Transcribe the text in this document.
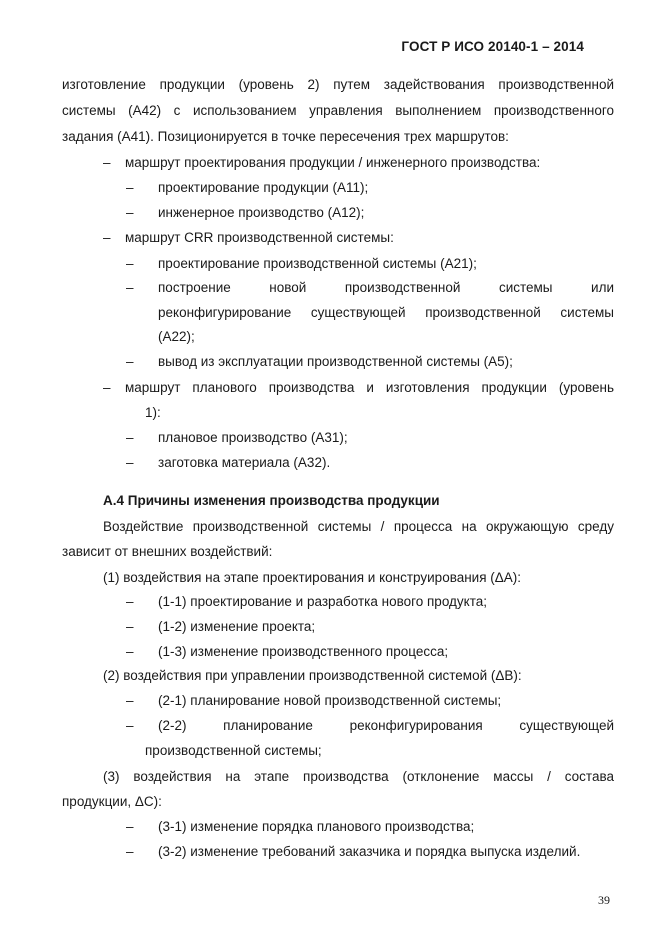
ГОСТ Р ИСО 20140-1 – 2014
изготовление продукции (уровень 2) путем задействования производственной
системы (А42) с использованием управления выполнением производственного
задания (А41). Позиционируется в точке пересечения трех маршрутов:
– маршрут проектирования продукции / инженерного производства:
– проектирование продукции (А11);
– инженерное производство (А12);
– маршрут CRR производственной системы:
– проектирование производственной системы (А21);
– построение новой производственной системы или
реконфигурирование существующей производственной системы
(А22);
– вывод из эксплуатации производственной системы (А5);
– маршрут планового производства и изготовления продукции (уровень
1):
– плановое производство (А31);
– заготовка материала (А32).
А.4 Причины изменения производства продукции
Воздействие производственной системы / процесса на окружающую среду
зависит от внешних воздействий:
(1) воздействия на этапе проектирования и конструирования (ΔA):
– (1-1) проектирование и разработка нового продукта;
– (1-2) изменение проекта;
– (1-3) изменение производственного процесса;
(2) воздействия при управлении производственной системой (ΔB):
– (2-1) планирование новой производственной системы;
– (2-2) планирование реконфигурирования существующей
производственной системы;
(3) воздействия на этапе производства (отклонение массы / состава
продукции, ΔC):
– (3-1) изменение порядка планового производства;
– (3-2) изменение требований заказчика и порядка выпуска изделий.
39
